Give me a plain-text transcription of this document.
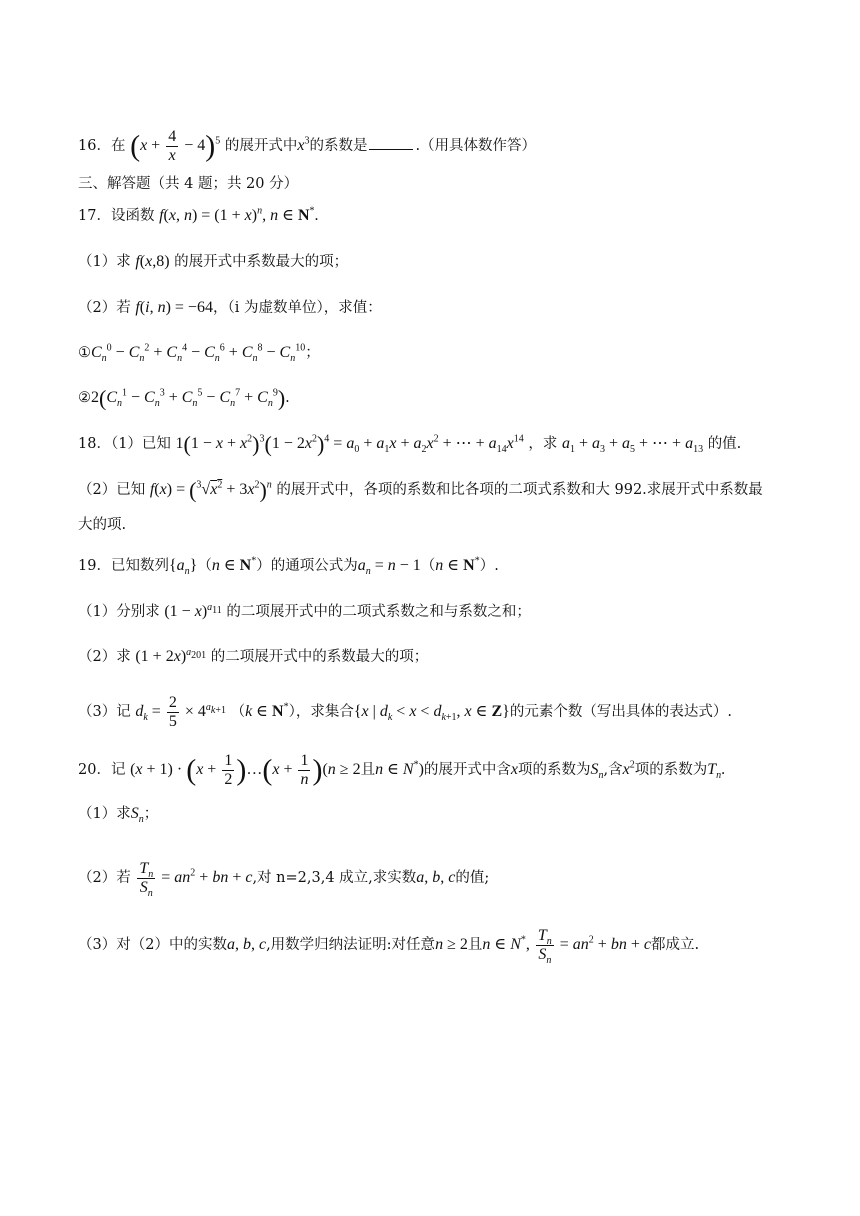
16．在 $(x + \frac{4}{x} - 4)^5$ 的展开式中$x^3$的系数是	.（用具体数作答）
三、解答题（共 4 题；共 20 分）
17．设函数 f(x, $n) = (1 + x)^n$, n ∈ N*.
（1）求 f(x,8) 的展开式中系数最大的项；
（2）若 f(i, n) = −64，（i 为虚数单位），求值：
$①C_n^0 - C_n^2 + C_n^4 - C_n^6 + C_n^8 - C_n^{10}$；
$②2(C_n^1 - C_n^3 + C_n^5 - C_n^7 + C_n^9)$.
18．（1）已知 $1(1 - x + x^2)^3(1 - 2x^2)^4 = a_0 + a_1x + a_2x^2$ + ⋯ + $a_{14}x^{14}$ ，求 $a_1 + a_3 + a_5$ + ⋯ + $a_{13}$ 的值.
（2）已知 $f(x) = (^3√x^2 + 3x^2)^n$ 的展开式中，各项的系数和比各项的二项式系数和大 992.求展开式中系数最
大的项.
19．已知数列$\{a_n\}(n$ ∈ N*）的通项公式为$a_n = n - 1(n$ ∈ N*）.
（1）分别求 $(1 - x)^{a_{11}}$ 的二项展开式中的二项式系数之和与系数之和；
（2）求 $(1 + 2x)^{a_{201}}$ 的二项展开式中的系数最大的项；
（3）记 $d_k = \frac{2}{5} \times 4^{a_{k+1}}$ （k ∈ N*），求集合{x | $d_k < x < d_{k+1}$, x ∈ Z}的元素个数（写出具体的表达式）.
20．记 $(x + 1) \cdot (x + \frac{1}{2}$ )…(x + $\frac{1}{n} )(n \ge 2$且n ∈ N*)的展开式中含x项的系数为$S_n$,含$x^2$项的系数为$T_n$.
（1）求$S_n$；
（2）若 $\frac{T_n}{S_n} = an^2$ + bn + c,对 n=2,3,4 成立,求实数a, b, c的值;
（3）对（2）中的实数a, b, c,用数学归纳法证明:对任意n ≥ 2且n ∈ N*, $\frac{T_n}{S_n} = an^2$ + bn + c都成立.
